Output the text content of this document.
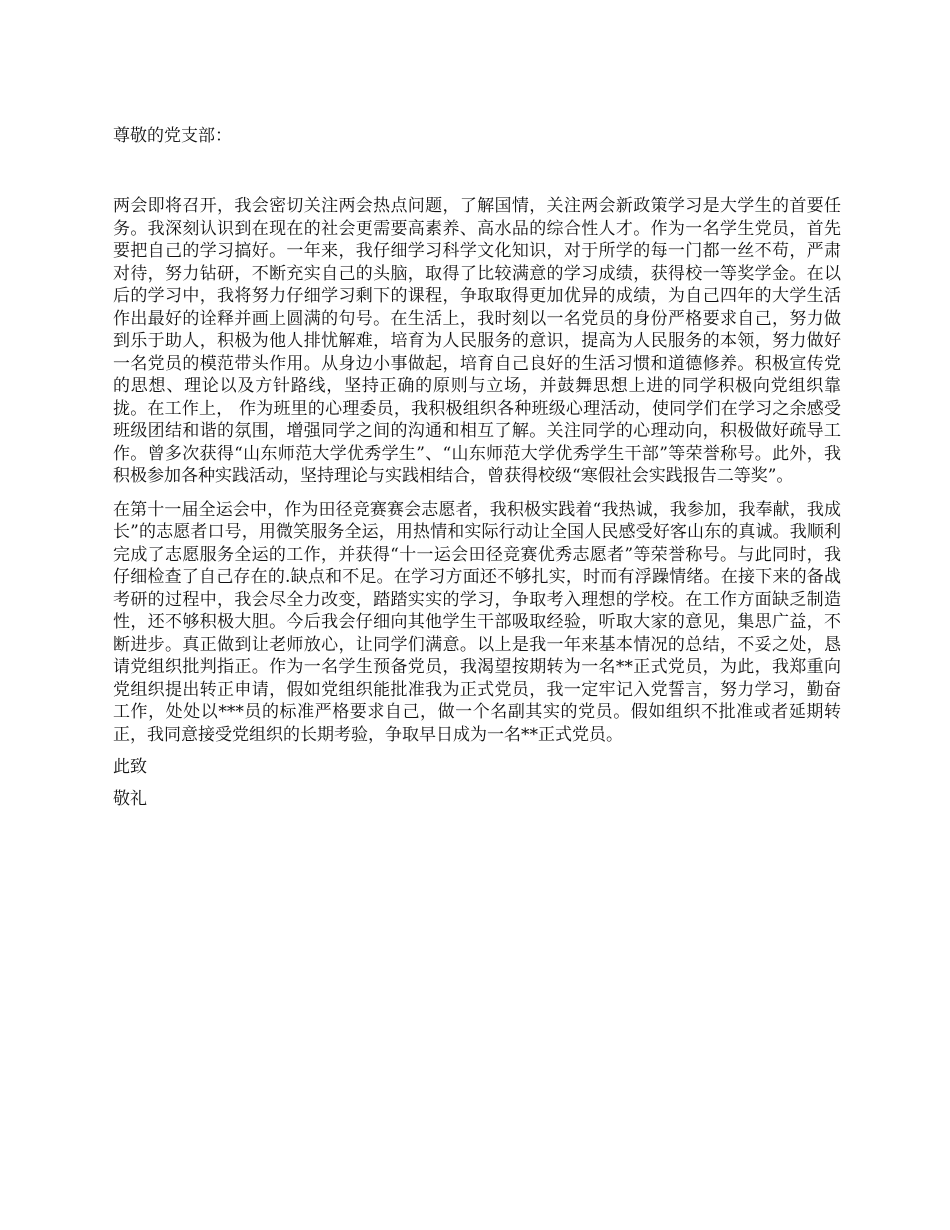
尊敬的党支部：

两会即将召开，我会密切关注两会热点问题，了解国情，关注两会新政策学习是大学生的首要任务。我深刻认识到在现在的社会更需要高素养、高水品的综合性人才。作为一名学生党员，首先要把自己的学习搞好。一年来，我仔细学习科学文化知识，对于所学的每一门都一丝不苟，严肃对待，努力钻研，不断充实自己的头脑，取得了比较满意的学习成绩，获得校一等奖学金。在以后的学习中，我将努力仔细学习剩下的课程，争取取得更加优异的成绩，为自己四年的大学生活作出最好的诠释并画上圆满的句号。在生活上，我时刻以一名党员的身份严格要求自己，努力做到乐于助人，积极为他人排忧解难，培育为人民服务的意识，提高为人民服务的本领，努力做好一名党员的模范带头作用。从身边小事做起，培育自己良好的生活习惯和道德修养。积极宣传党的思想、理论以及方针路线，坚持正确的原则与立场，并鼓舞思想上进的同学积极向党组织靠拢。在工作上， 作为班里的心理委员，我积极组织各种班级心理活动，使同学们在学习之余感受班级团结和谐的氛围，增强同学之间的沟通和相互了解。关注同学的心理动向，积极做好疏导工作。曾多次获得“山东师范大学优秀学生”、“山东师范大学优秀学生干部”等荣誉称号。此外，我积极参加各种实践活动，坚持理论与实践相结合，曾获得校级“寒假社会实践报告二等奖”。

在第十一届全运会中，作为田径竞赛赛会志愿者，我积极实践着“我热诚，我参加，我奉献，我成长”的志愿者口号，用微笑服务全运，用热情和实际行动让全国人民感受好客山东的真诚。我顺利完成了志愿服务全运的工作，并获得“十一运会田径竞赛优秀志愿者”等荣誉称号。与此同时，我仔细检查了自己存在的.缺点和不足。在学习方面还不够扎实，时而有浮躁情绪。在接下来的备战考研的过程中，我会尽全力改变，踏踏实实的学习，争取考入理想的学校。在工作方面缺乏制造性，还不够积极大胆。今后我会仔细向其他学生干部吸取经验，听取大家的意见，集思广益，不断进步。真正做到让老师放心，让同学们满意。以上是我一年来基本情况的总结，不妥之处，恳请党组织批判指正。作为一名学生预备党员，我渴望按期转为一名**正式党员，为此，我郑重向党组织提出转正申请，假如党组织能批准我为正式党员，我一定牢记入党誓言，努力学习，勤奋工作，处处以***员的标准严格要求自己，做一个名副其实的党员。假如组织不批准或者延期转正，我同意接受党组织的长期考验，争取早日成为一名**正式党员。

此致

敬礼
